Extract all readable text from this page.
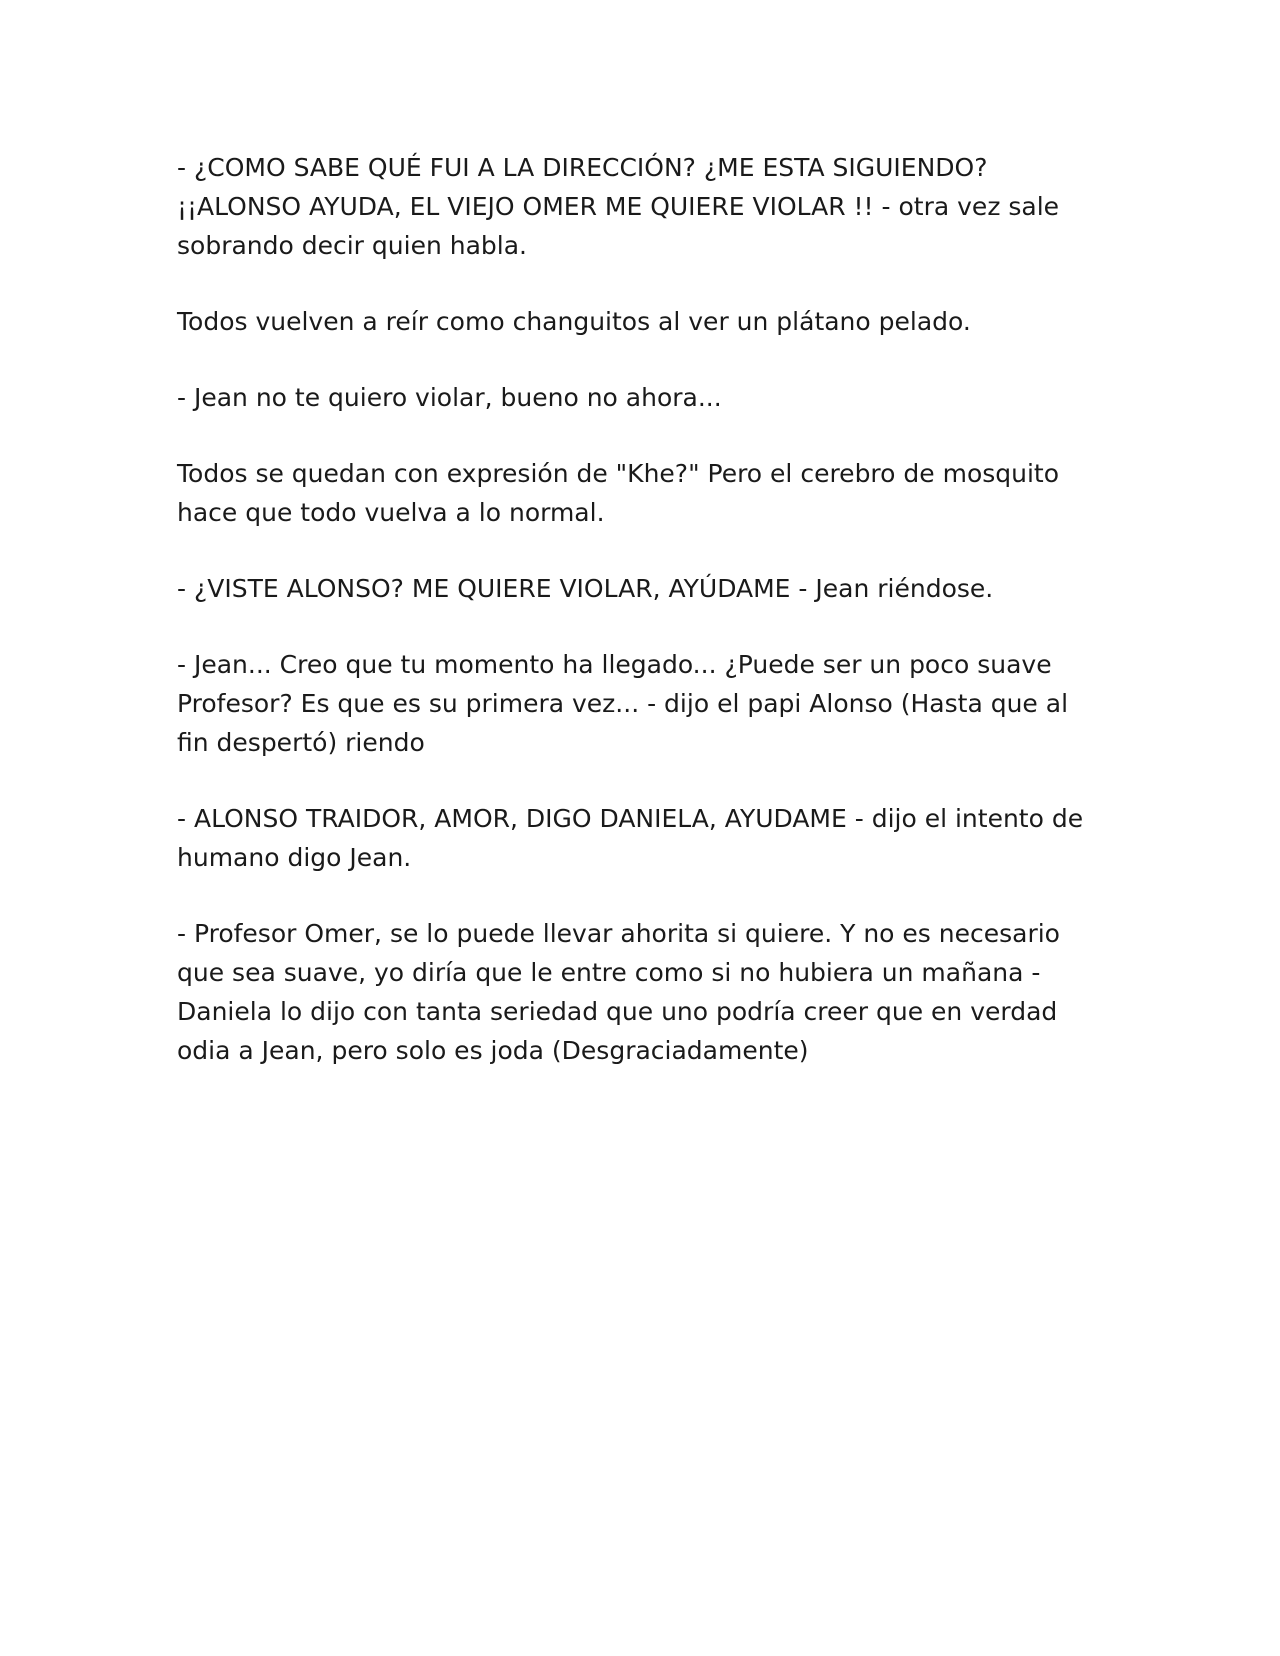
- ¿COMO SABE QUÉ FUI A LA DIRECCIÓN? ¿ME ESTA SIGUIENDO? ¡¡ALONSO AYUDA, EL VIEJO OMER ME QUIERE VIOLAR !! - otra vez sale sobrando decir quien habla.

Todos vuelven a reír como changuitos al ver un plátano pelado.

- Jean no te quiero violar, bueno no ahora...

Todos se quedan con expresión de "Khe?" Pero el cerebro de mosquito hace que todo vuelva a lo normal.

- ¿VISTE ALONSO? ME QUIERE VIOLAR, AYÚDAME - Jean riéndose.

- Jean... Creo que tu momento ha llegado... ¿Puede ser un poco suave Profesor? Es que es su primera vez... - dijo el papi Alonso (Hasta que al fin despertó) riendo

- ALONSO TRAIDOR, AMOR, DIGO DANIELA, AYUDAME - dijo el intento de humano digo Jean.

- Profesor Omer, se lo puede llevar ahorita si quiere. Y no es necesario que sea suave, yo diría que le entre como si no hubiera un mañana - Daniela lo dijo con tanta seriedad que uno podría creer que en verdad odia a Jean, pero solo es joda (Desgraciadamente)
